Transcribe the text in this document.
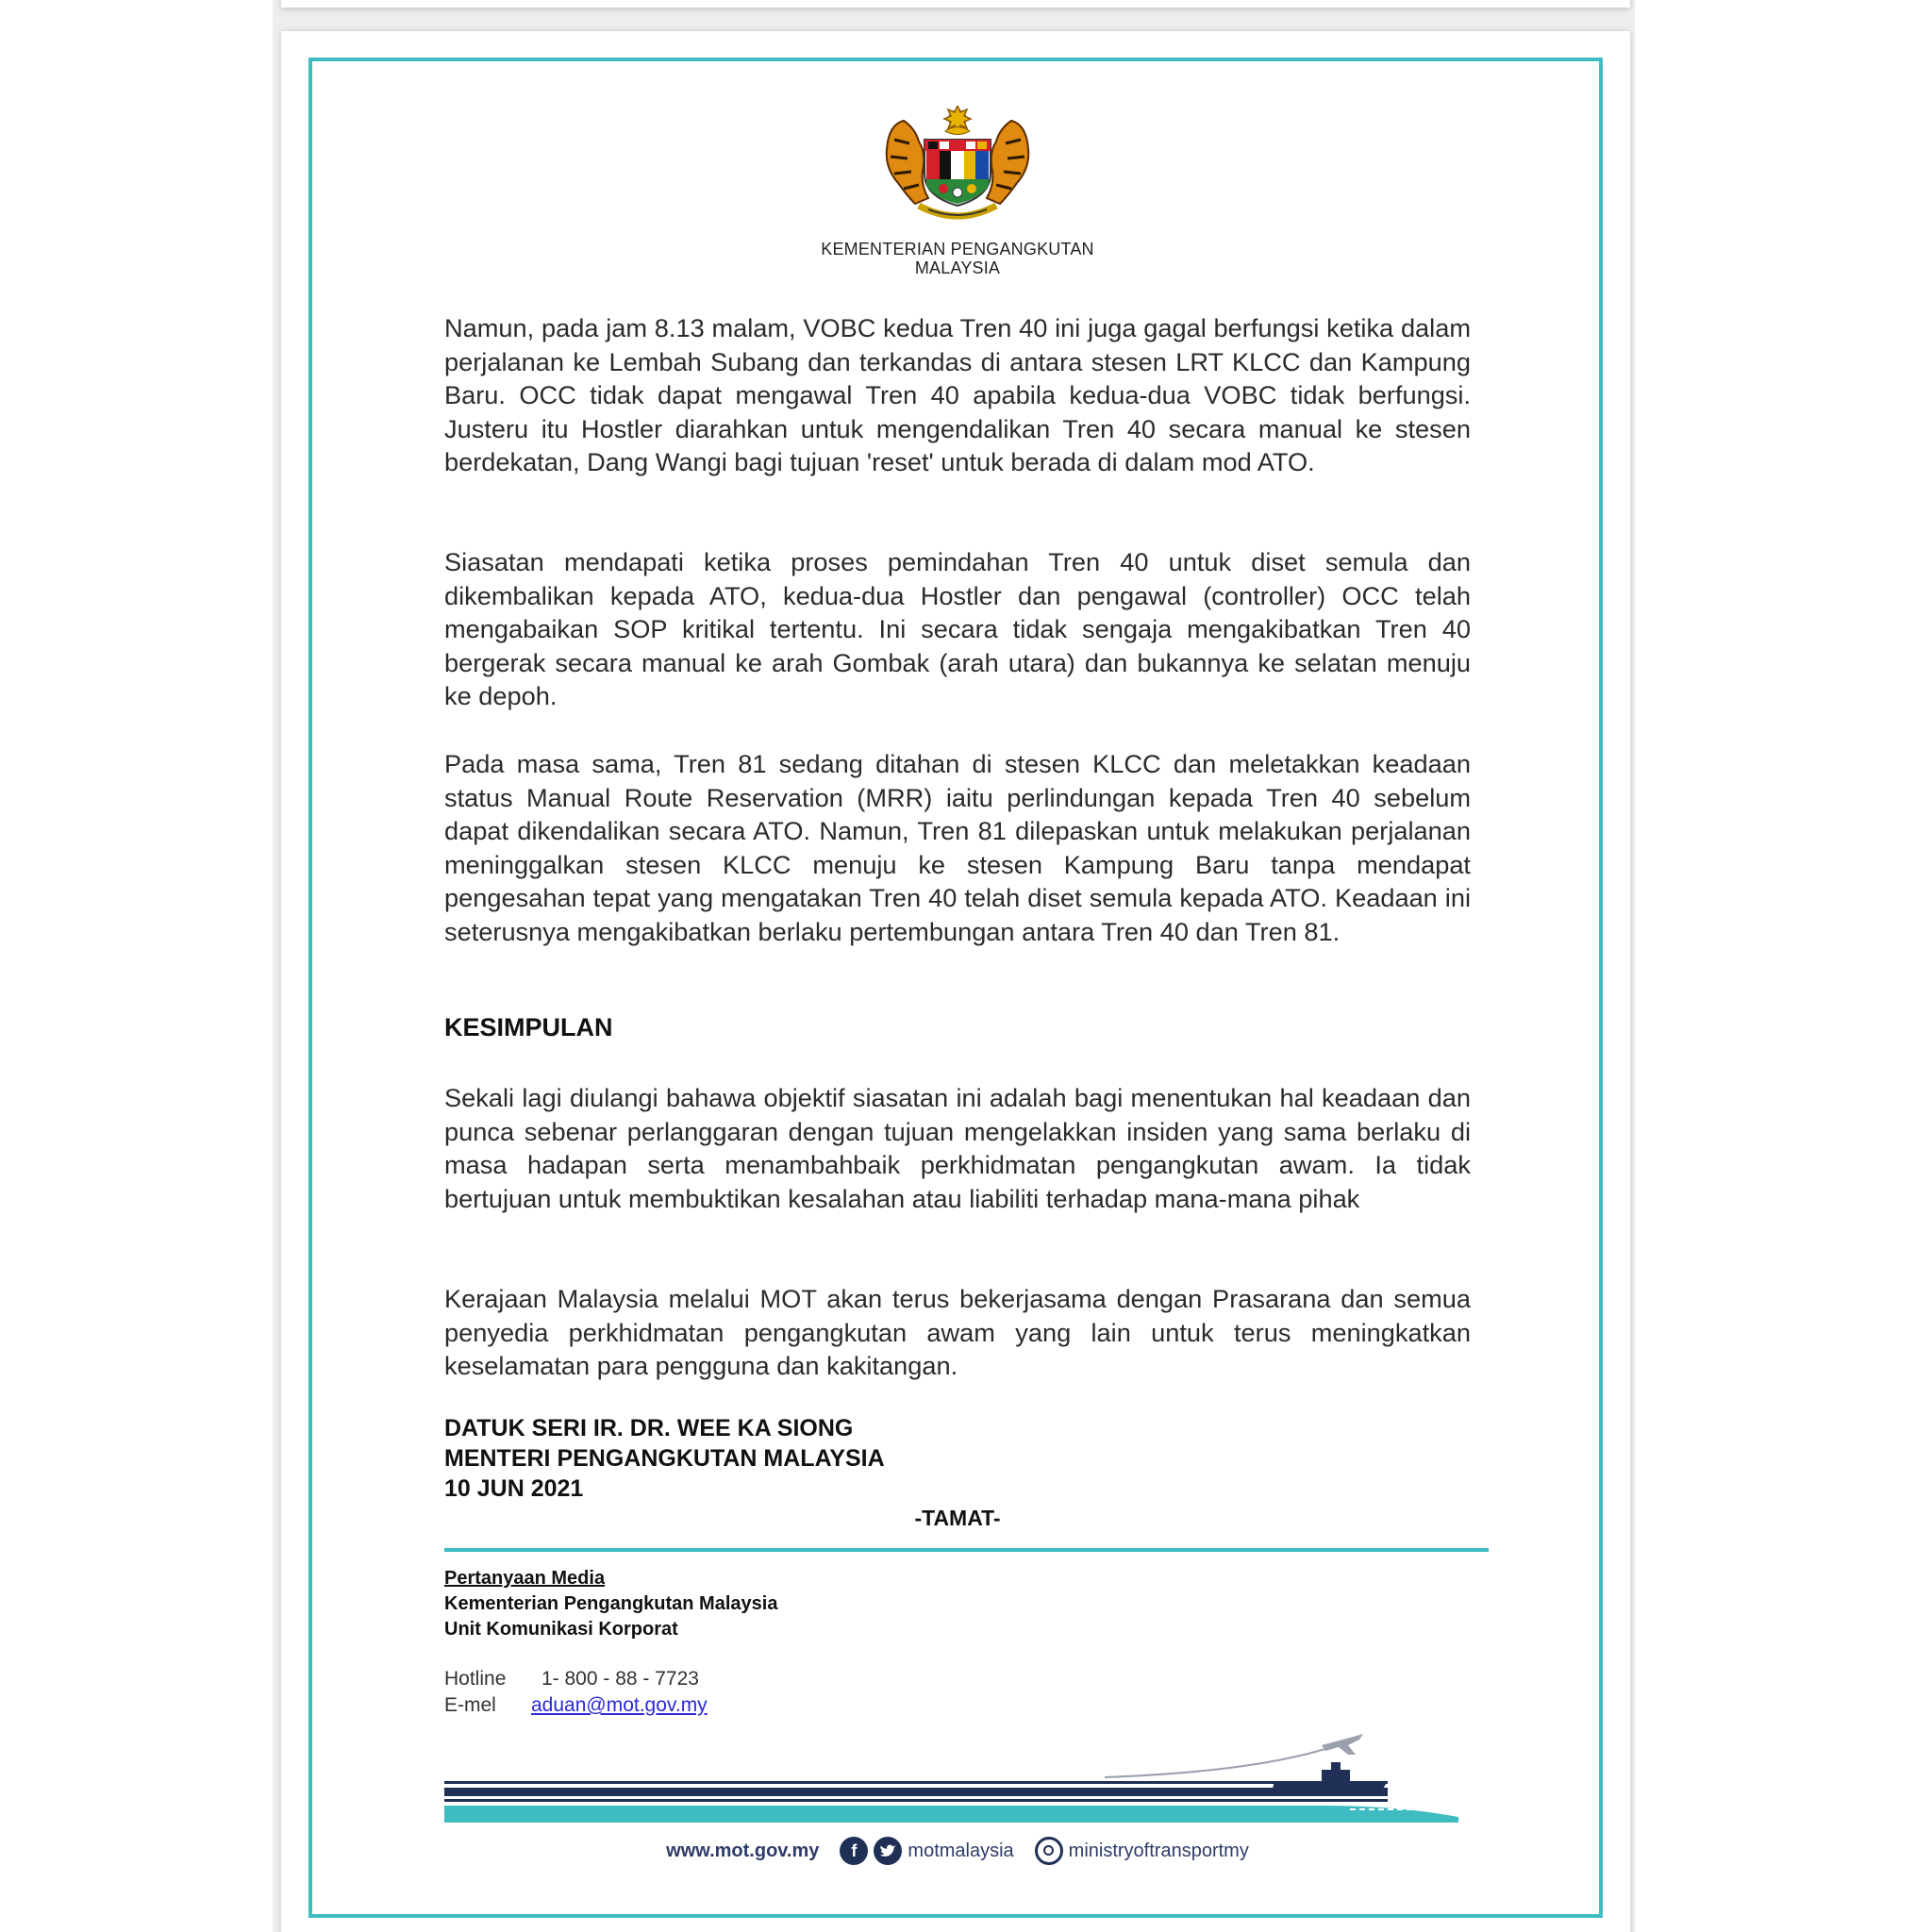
KEMENTERIAN PENGANGKUTAN
MALAYSIA
Namun, pada jam 8.13 malam, VOBC kedua Tren 40 ini juga gagal berfungsi ketika dalam perjalanan ke Lembah Subang dan terkandas di antara stesen LRT KLCC dan Kampung Baru. OCC tidak dapat mengawal Tren 40 apabila kedua-dua VOBC tidak berfungsi. Justeru itu Hostler diarahkan untuk mengendalikan Tren 40 secara manual ke stesen berdekatan, Dang Wangi bagi tujuan 'reset' untuk berada di dalam mod ATO.
Siasatan mendapati ketika proses pemindahan Tren 40 untuk diset semula dan dikembalikan kepada ATO, kedua-dua Hostler dan pengawal (controller) OCC telah mengabaikan SOP kritikal tertentu. Ini secara tidak sengaja mengakibatkan Tren 40 bergerak secara manual ke arah Gombak (arah utara) dan bukannya ke selatan menuju ke depoh.
Pada masa sama, Tren 81 sedang ditahan di stesen KLCC dan meletakkan keadaan status Manual Route Reservation (MRR) iaitu perlindungan kepada Tren 40 sebelum dapat dikendalikan secara ATO. Namun, Tren 81 dilepaskan untuk melakukan perjalanan meninggalkan stesen KLCC menuju ke stesen Kampung Baru tanpa mendapat pengesahan tepat yang mengatakan Tren 40 telah diset semula kepada ATO. Keadaan ini seterusnya mengakibatkan berlaku pertembungan antara Tren 40 dan Tren 81.
KESIMPULAN
Sekali lagi diulangi bahawa objektif siasatan ini adalah bagi menentukan hal keadaan dan punca sebenar perlanggaran dengan tujuan mengelakkan insiden yang sama berlaku di masa hadapan serta menambahbaik perkhidmatan pengangkutan awam. Ia tidak bertujuan untuk membuktikan kesalahan atau liabiliti terhadap mana-mana pihak
Kerajaan Malaysia melalui MOT akan terus bekerjasama dengan Prasarana dan semua penyedia perkhidmatan pengangkutan awam yang lain untuk terus meningkatkan keselamatan para pengguna dan kakitangan.
DATUK SERI IR. DR. WEE KA SIONG
MENTERI PENGANGKUTAN MALAYSIA
10 JUN 2021
-TAMAT-
Pertanyaan Media
Kementerian Pengangkutan Malaysia
Unit Komunikasi Korporat
Hotline 1- 800 - 88 - 7723
E-mel aduan@mot.gov.my
www.mot.gov.my	f	motmalaysia	ministryoftransportmy
